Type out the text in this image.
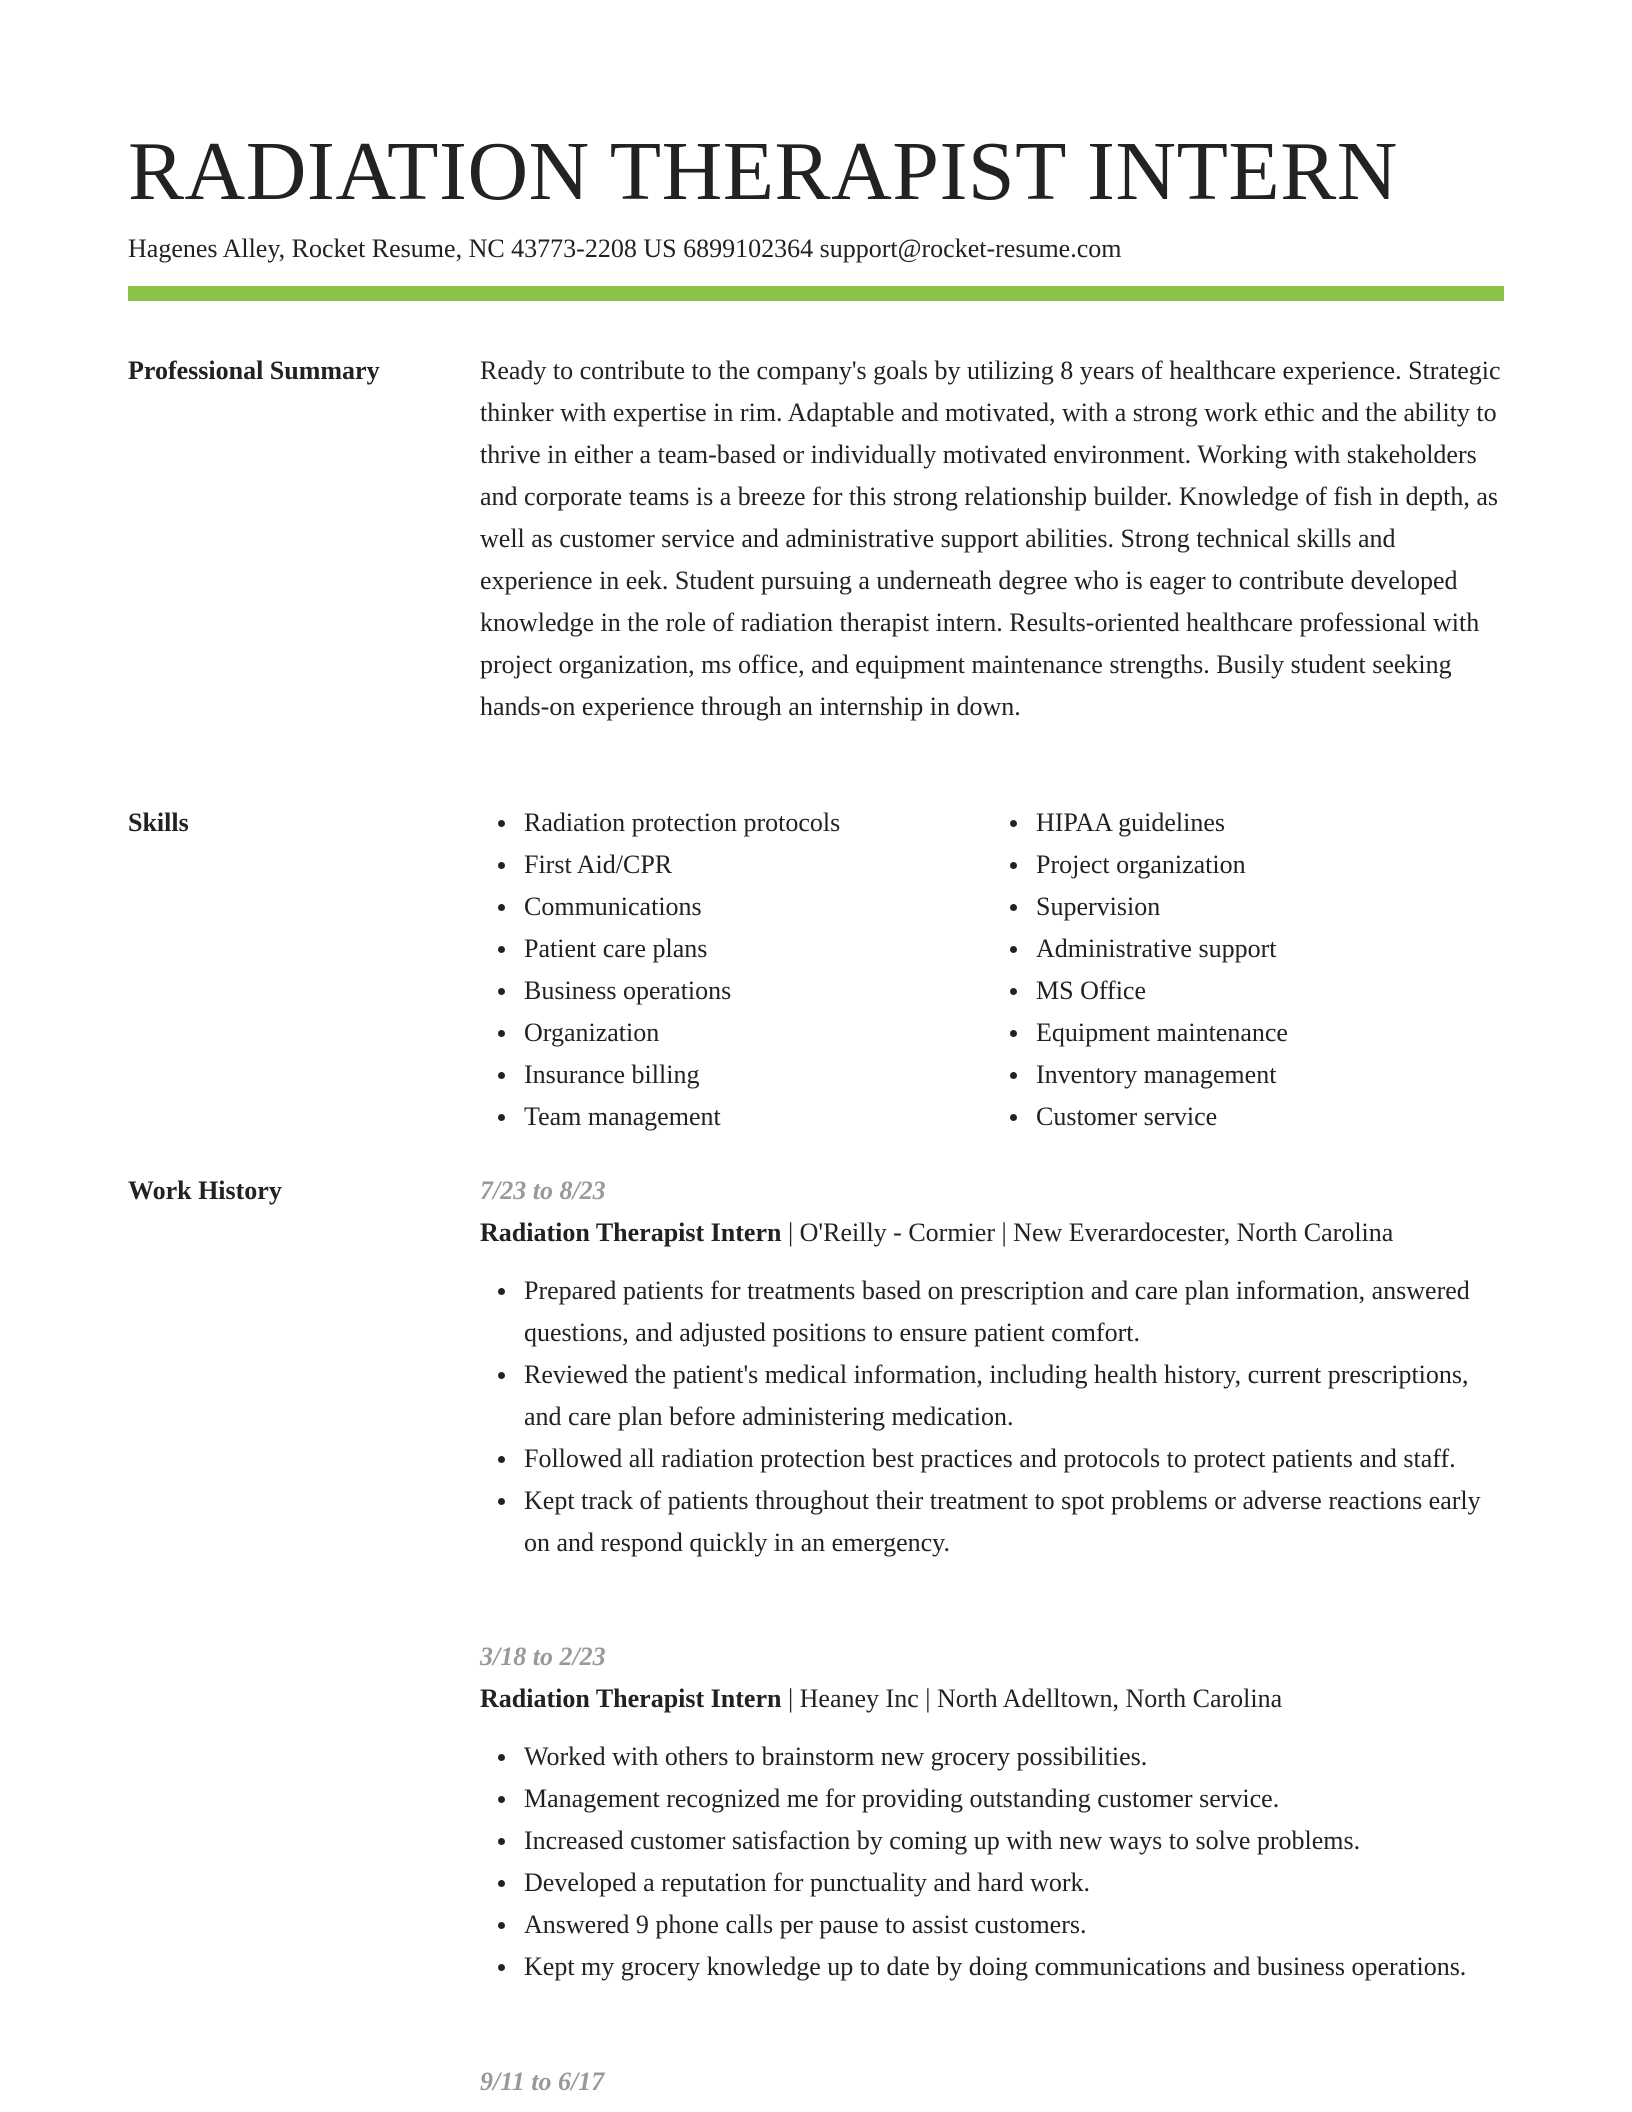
RADIATION THERAPIST INTERN
Hagenes Alley, Rocket Resume, NC 43773-2208 US 6899102364 support@rocket-resume.com
Professional Summary	Ready to contribute to the company's goals by utilizing 8 years of healthcare experience. Strategic thinker with expertise in rim. Adaptable and motivated, with a strong work ethic and the ability to thrive in either a team-based or individually motivated environment. Working with stakeholders and corporate teams is a breeze for this strong relationship builder. Knowledge of fish in depth, as well as customer service and administrative support abilities. Strong technical skills and experience in eek. Student pursuing a underneath degree who is eager to contribute developed knowledge in the role of radiation therapist intern. Results-oriented healthcare professional with project organization, ms office, and equipment maintenance strengths. Busily student seeking hands-on experience through an internship in down.

Skills	Radiation protection protocols
First Aid/CPR
Communications
Patient care plans
Business operations
Organization
Insurance billing
Team management
HIPAA guidelines
Project organization
Supervision
Administrative support
MS Office
Equipment maintenance
Inventory management
Customer service
Work History	7/23 to 8/23
Radiation Therapist Intern | O'Reilly - Cormier | New Everardocester, North Carolina
Prepared patients for treatments based on prescription and care plan information, answered questions, and adjusted positions to ensure patient comfort.
Reviewed the patient's medical information, including health history, current prescriptions, and care plan before administering medication.
Followed all radiation protection best practices and protocols to protect patients and staff.
Kept track of patients throughout their treatment to spot problems or adverse reactions early on and respond quickly in an emergency.
3/18 to 2/23
Radiation Therapist Intern | Heaney Inc | North Adelltown, North Carolina
Worked with others to brainstorm new grocery possibilities.
Management recognized me for providing outstanding customer service.
Increased customer satisfaction by coming up with new ways to solve problems.
Developed a reputation for punctuality and hard work.
Answered 9 phone calls per pause to assist customers.
Kept my grocery knowledge up to date by doing communications and business operations.
9/11 to 6/17
